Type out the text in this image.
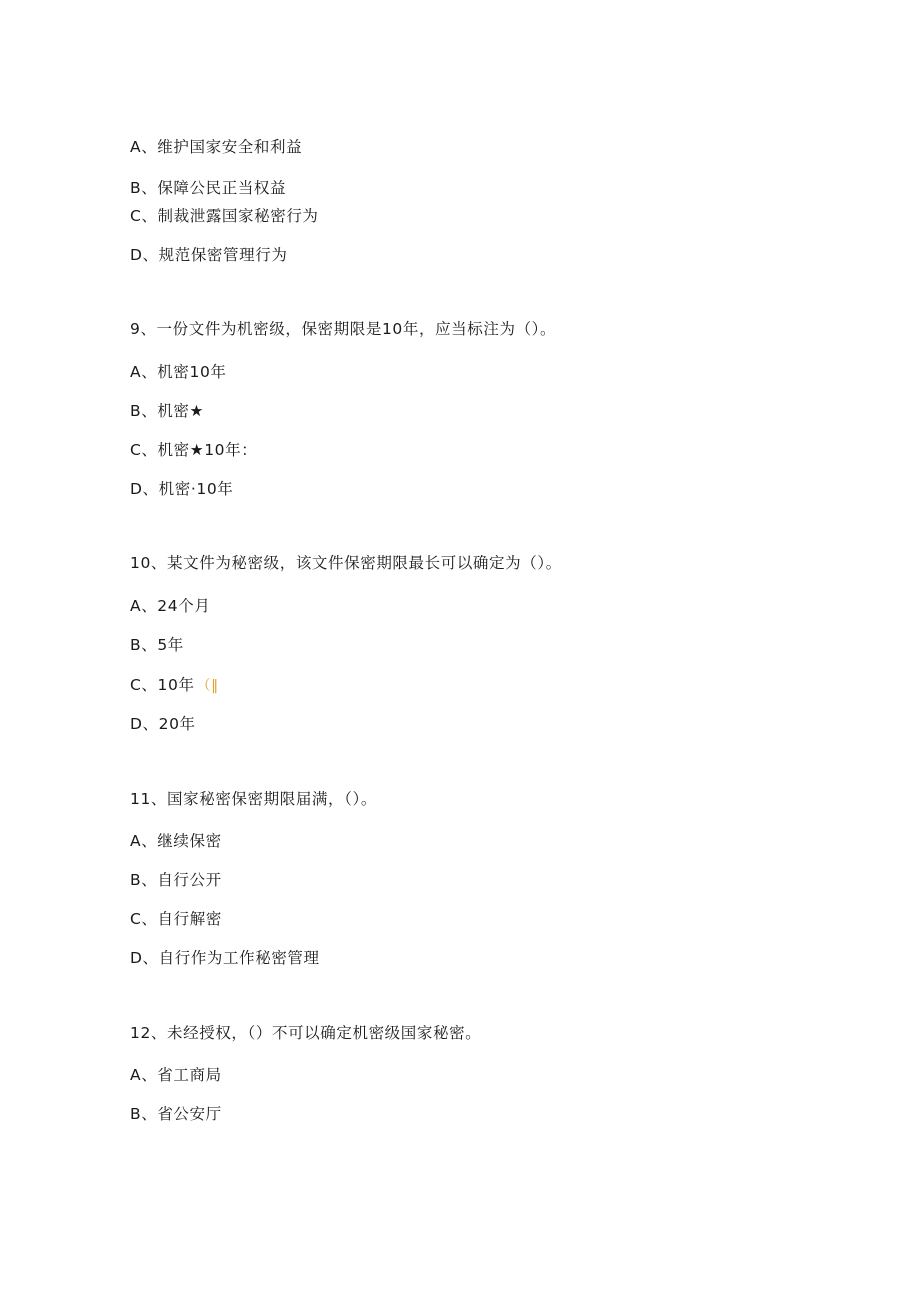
A、维护国家安全和利益
B、保障公民正当权益
C、制裁泄露国家秘密行为
D、规范保密管理行为
9、一份文件为机密级，保密期限是10年，应当标注为（）。
A、机密10年
B、机密★
C、机密★10年：
D、机密·10年
10、某文件为秘密级，该文件保密期限最长可以确定为（）。
A、24个月
B、5年
C、10年 （‖
D、20年
11、国家秘密保密期限届满，（）。
A、继续保密
B、自行公开
C、自行解密
D、自行作为工作秘密管理
12、未经授权，（）不可以确定机密级国家秘密。
A、省工商局
B、省公安厅
